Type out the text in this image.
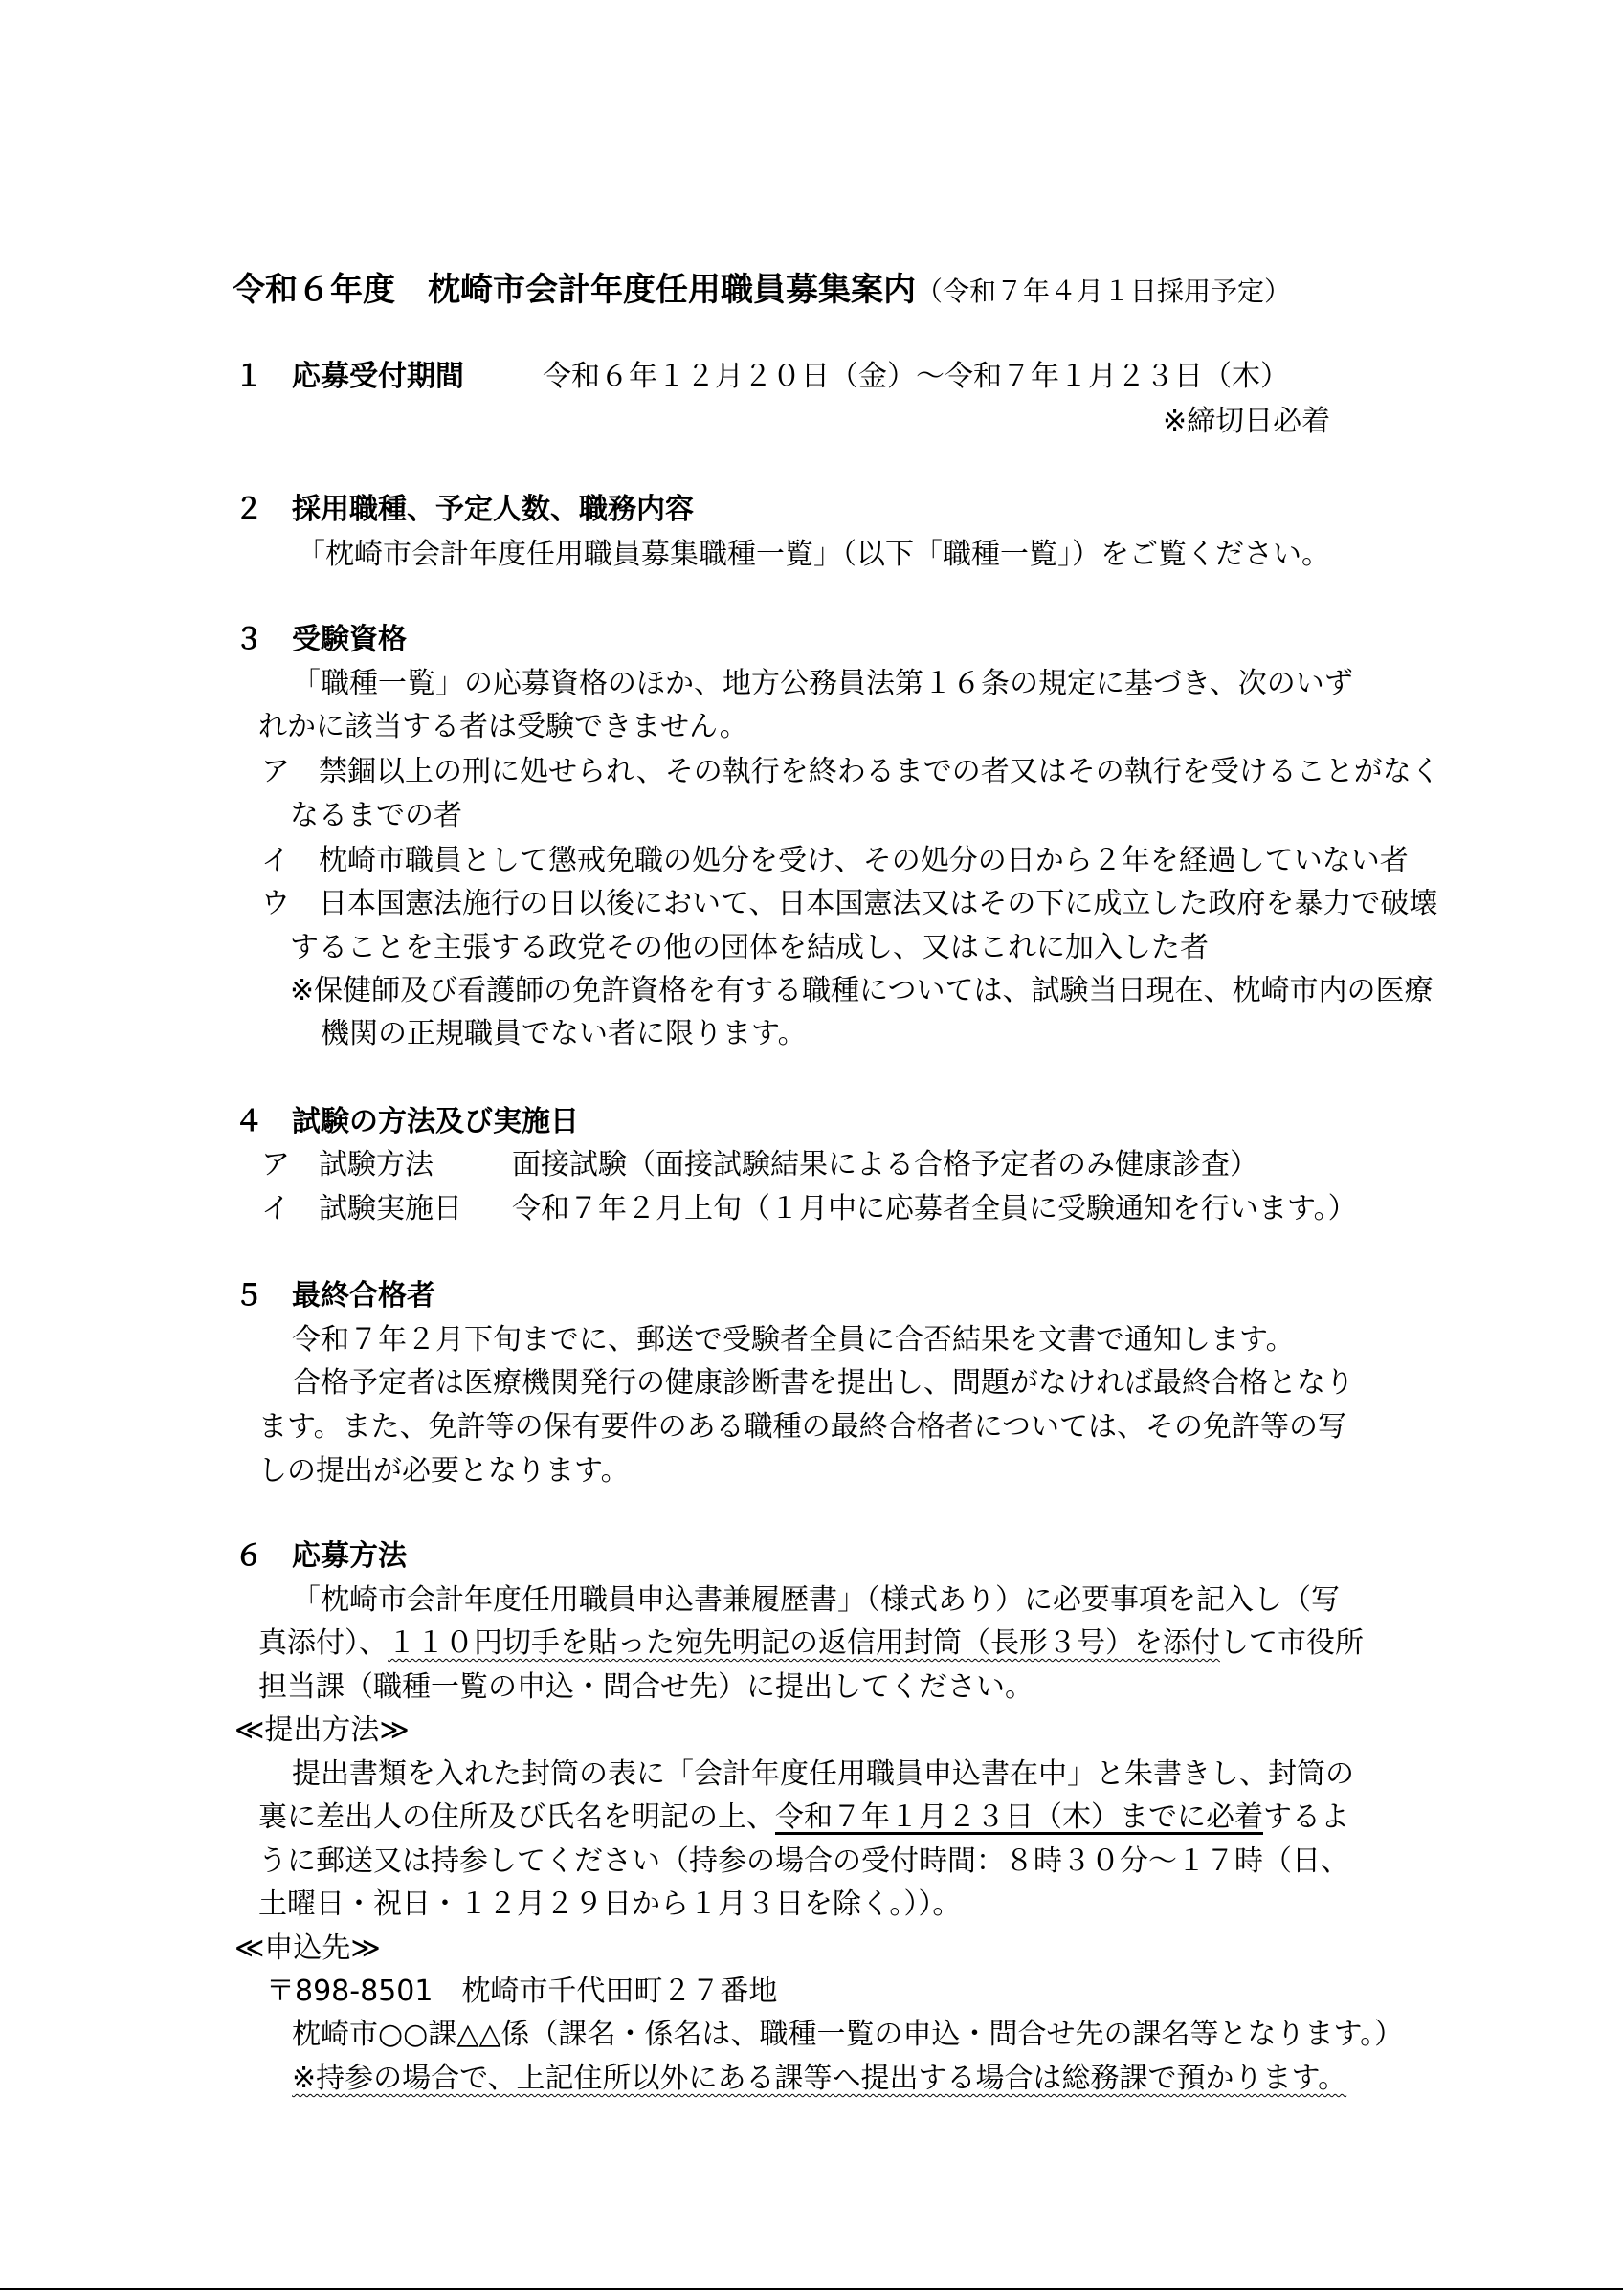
令和６年度　枕崎市会計年度任用職員募集案内（令和７年４月１日採用予定）
１　応募受付期間	令和６年１２月２０日（金）～令和７年１月２３日（木）
※締切日必着
２　採用職種、予定人数、職務内容
「枕崎市会計年度任用職員募集職種一覧」（以下「職種一覧」）をご覧ください。
３　受験資格
「職種一覧」の応募資格のほか、地方公務員法第１６条の規定に基づき、次のいず
れかに該当する者は受験できません。
ア　禁錮以上の刑に処せられ、その執行を終わるまでの者又はその執行を受けることがなく
なるまでの者
イ　枕崎市職員として懲戒免職の処分を受け、その処分の日から２年を経過していない者
ウ　日本国憲法施行の日以後において、日本国憲法又はその下に成立した政府を暴力で破壊
することを主張する政党その他の団体を結成し、又はこれに加入した者
※保健師及び看護師の免許資格を有する職種については、試験当日現在、枕崎市内の医療
機関の正規職員でない者に限ります。
４　試験の方法及び実施日
ア　試験方法	面接試験（面接試験結果による合格予定者のみ健康診査）
イ　試験実施日 令和７年２月上旬（１月中に応募者全員に受験通知を行います。）
５　最終合格者
令和７年２月下旬までに、郵送で受験者全員に合否結果を文書で通知します。
合格予定者は医療機関発行の健康診断書を提出し、問題がなければ最終合格となり
ます。また、免許等の保有要件のある職種の最終合格者については、その免許等の写
しの提出が必要となります。
６　応募方法
「枕崎市会計年度任用職員申込書兼履歴書」（様式あり）に必要事項を記入し（写
真添付）、１１０円切手を貼った宛先明記の返信用封筒（長形３号）を添付して市役所
担当課（職種一覧の申込・問合せ先）に提出してください。
≪提出方法≫
提出書類を入れた封筒の表に「会計年度任用職員申込書在中」と朱書きし、封筒の
裏に差出人の住所及び氏名を明記の上、令和７年１月２３日（木）までに必着するよ
うに郵送又は持参してください（持参の場合の受付時間：８時３０分～１７時（日、
土曜日・祝日・１２月２９日から１月３日を除く。））。
≪申込先≫
〒898-8501　枕崎市千代田町２７番地
枕崎市○○課△△係（課名・係名は、職種一覧の申込・問合せ先の課名等となります。）
※持参の場合で、上記住所以外にある課等へ提出する場合は総務課で預かります。
